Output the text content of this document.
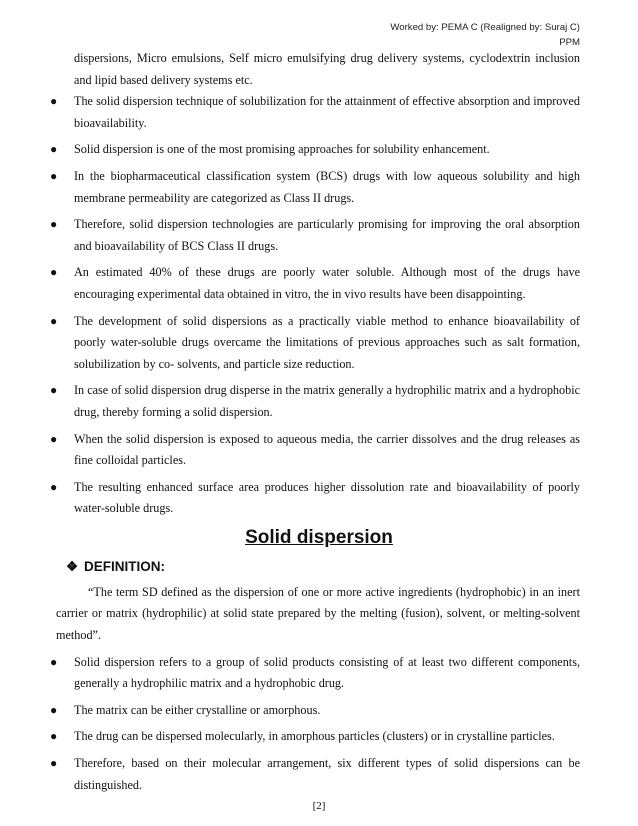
Worked by: PEMA C (Realigned by: Suraj C)
PPM

dispersions, Micro emulsions, Self micro emulsifying drug delivery systems, cyclodextrin inclusion and lipid based delivery systems etc.

● The solid dispersion technique of solubilization for the attainment of effective absorption and improved bioavailability.
● Solid dispersion is one of the most promising approaches for solubility enhancement.
● In the biopharmaceutical classification system (BCS) drugs with low aqueous solubility and high membrane permeability are categorized as Class II drugs.
● Therefore, solid dispersion technologies are particularly promising for improving the oral absorption and bioavailability of BCS Class II drugs.
● An estimated 40% of these drugs are poorly water soluble. Although most of the drugs have encouraging experimental data obtained in vitro, the in vivo results have been disappointing.
● The development of solid dispersions as a practically viable method to enhance bioavailability of poorly water-soluble drugs overcame the limitations of previous approaches such as salt formation, solubilization by co- solvents, and particle size reduction.
● In case of solid dispersion drug disperse in the matrix generally a hydrophilic matrix and a hydrophobic drug, thereby forming a solid dispersion.
● When the solid dispersion is exposed to aqueous media, the carrier dissolves and the drug releases as fine colloidal particles.
● The resulting enhanced surface area produces higher dissolution rate and bioavailability of poorly water-soluble drugs.
Solid dispersion
❖ DEFINITION:

“The term SD defined as the dispersion of one or more active ingredients (hydrophobic) in an inert carrier or matrix (hydrophilic) at solid state prepared by the melting (fusion), solvent, or melting-solvent method”.

● Solid dispersion refers to a group of solid products consisting of at least two different components, generally a hydrophilic matrix and a hydrophobic drug.
● The matrix can be either crystalline or amorphous.
● The drug can be dispersed molecularly, in amorphous particles (clusters) or in crystalline particles.
● Therefore, based on their molecular arrangement, six different types of solid dispersions can be distinguished.
[2]
